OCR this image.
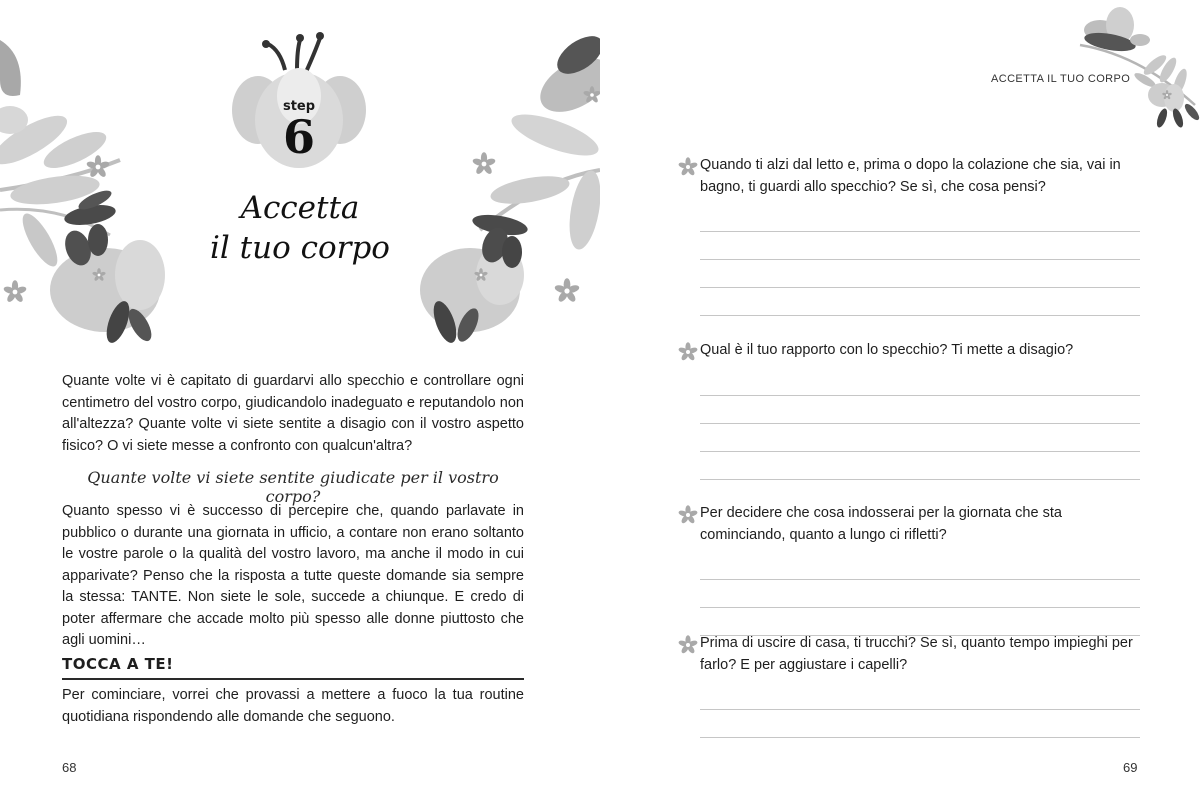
step
6
Accetta
il tuo corpo

Quante volte vi è capitato di guardarvi allo specchio e controllare ogni centimetro del vostro corpo, giudicandolo inadeguato e reputandolo non all'altezza? Quante volte vi siete sentite a disagio con il vostro aspetto fisico? O vi siete messe a confronto con qualcun'altra?

Quante volte vi siete sentite giudicate per il vostro corpo?

Quanto spesso vi è successo di percepire che, quando parlavate in pubblico o durante una giornata in ufficio, a contare non erano soltanto le vostre parole o la qualità del vostro lavoro, ma anche il modo in cui apparivate? Penso che la risposta a tutte queste domande sia sempre la stessa: TANTE. Non siete le sole, succede a chiunque. E credo di poter affermare che accade molto più spesso alle donne piuttosto che agli uomini…

TOCCA A TE!

Per cominciare, vorrei che provassi a mettere a fuoco la tua routine quotidiana rispondendo alle domande che seguono.

68
ACCETTA IL TUO CORPO

Quando ti alzi dal letto e, prima o dopo la colazione che sia, vai in bagno, ti guardi allo specchio? Se sì, che cosa pensi?

Qual è il tuo rapporto con lo specchio? Ti mette a disagio?

Per decidere che cosa indosserai per la giornata che sta cominciando, quanto a lungo ci rifletti?

Prima di uscire di casa, ti trucchi? Se sì, quanto tempo impieghi per farlo? E per aggiustare i capelli?

69
